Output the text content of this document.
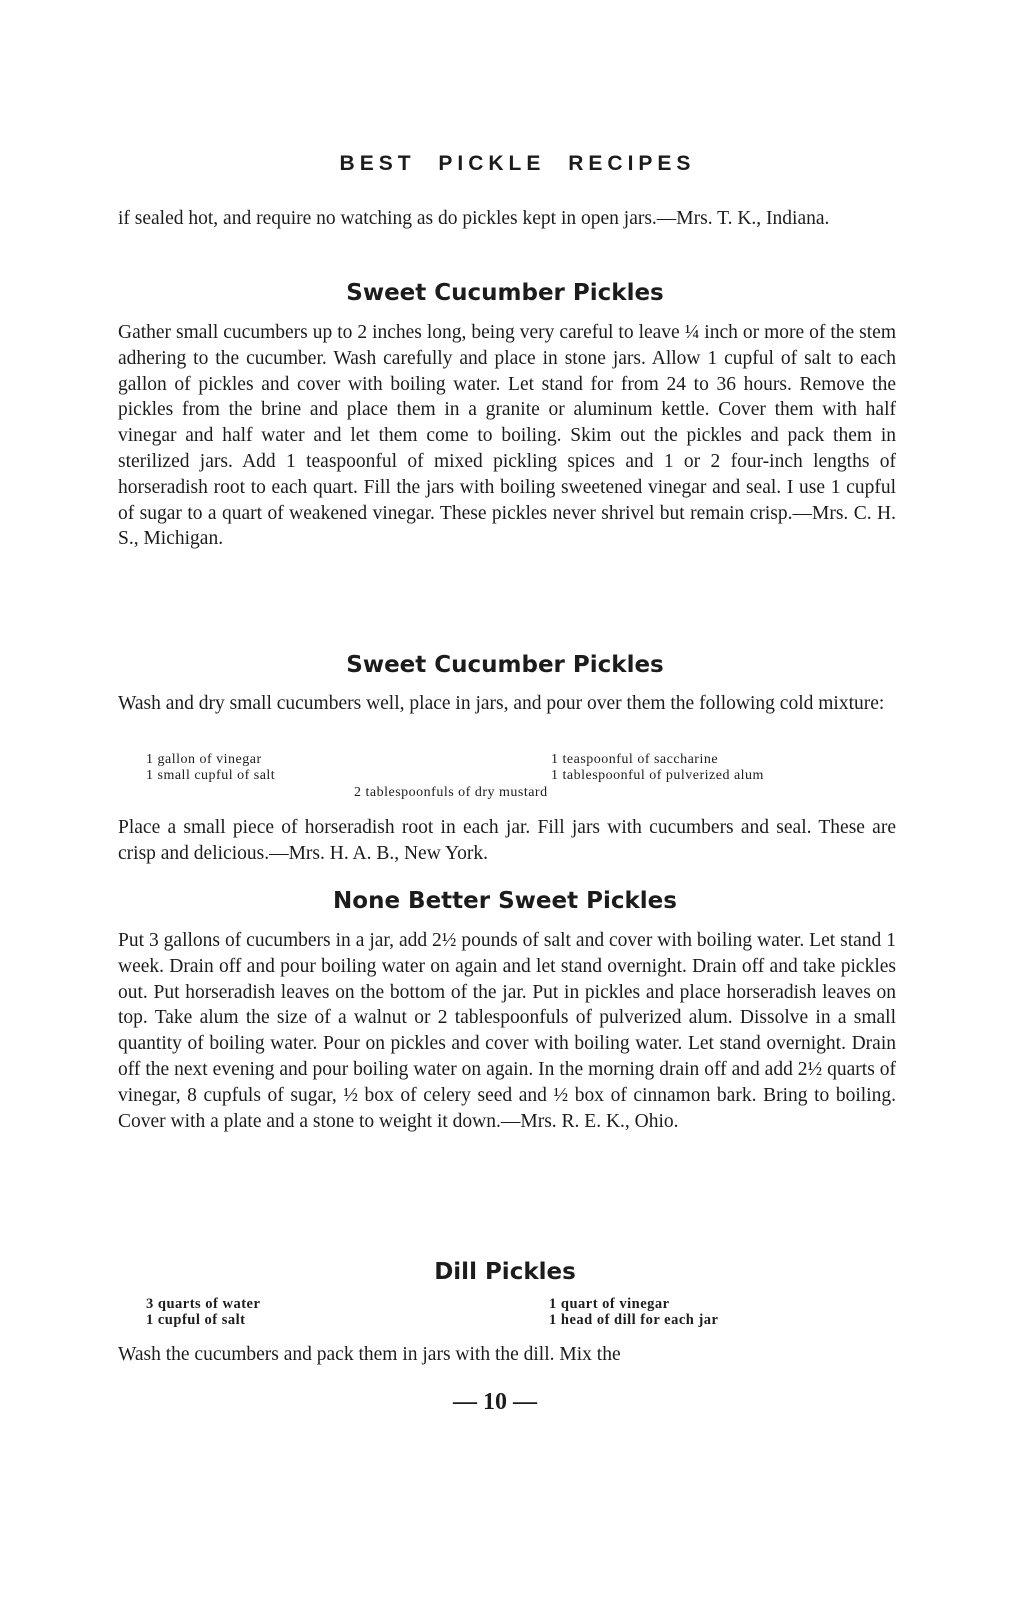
BEST PICKLE RECIPES

if sealed hot, and require no watching as do pickles kept in open jars.—Mrs. T. K., Indiana.

Sweet Cucumber Pickles

Gather small cucumbers up to 2 inches long, being very careful to leave ¼ inch or more of the stem adhering to the cucumber. Wash carefully and place in stone jars. Allow 1 cupful of salt to each gallon of pickles and cover with boiling water. Let stand for from 24 to 36 hours. Remove the pickles from the brine and place them in a granite or aluminum kettle. Cover them with half vinegar and half water and let them come to boiling. Skim out the pickles and pack them in sterilized jars. Add 1 teaspoonful of mixed pickling spices and 1 or 2 four-inch lengths of horseradish root to each quart. Fill the jars with boiling sweetened vinegar and seal. I use 1 cupful of sugar to a quart of weakened vinegar. These pickles never shrivel but remain crisp.—Mrs. C. H. S., Michigan.

Sweet Cucumber Pickles

Wash and dry small cucumbers well, place in jars, and pour over them the following cold mixture:

1 gallon of vinegar
1 small cupful of salt
1 teaspoonful of saccharine
1 tablespoonful of pulverized alum
2 tablespoonfuls of dry mustard

Place a small piece of horseradish root in each jar. Fill jars with cucumbers and seal. These are crisp and delicious.—Mrs. H. A. B., New York.

None Better Sweet Pickles

Put 3 gallons of cucumbers in a jar, add 2½ pounds of salt and cover with boiling water. Let stand 1 week. Drain off and pour boiling water on again and let stand overnight. Drain off and take pickles out. Put horseradish leaves on the bottom of the jar. Put in pickles and place horseradish leaves on top. Take alum the size of a walnut or 2 tablespoonfuls of pulverized alum. Dissolve in a small quantity of boiling water. Pour on pickles and cover with boiling water. Let stand overnight. Drain off the next evening and pour boiling water on again. In the morning drain off and add 2½ quarts of vinegar, 8 cupfuls of sugar, ½ box of celery seed and ½ box of cinnamon bark. Bring to boiling. Cover with a plate and a stone to weight it down.—Mrs. R. E. K., Ohio.

Dill Pickles
3 quarts of water
1 cupful of salt
1 quart of vinegar
1 head of dill for each jar

Wash the cucumbers and pack them in jars with the dill. Mix the

— 10 —
